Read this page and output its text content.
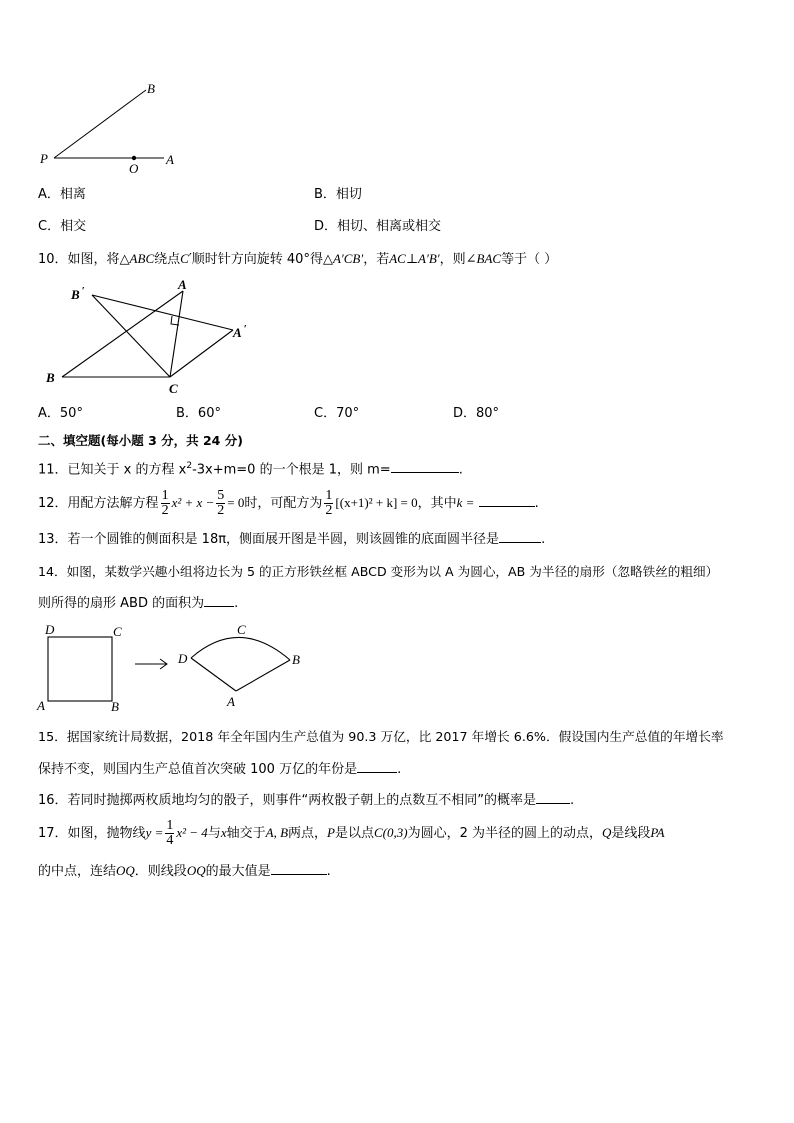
B
P
O
A
A．相离	B．相切
C．相交	D．相切、相离或相交
10．如图，将△ABC绕点C′顺时针方向旋转 40°得△A′CB′，若AC⊥A′B′，则∠BAC等于（ ）
B ′	A
A ′
B
C
A．50°	B．60°	C．70°	D．80°
二、填空题(每小题 3 分，共 24 分)
11．已知关于 x 的方程 $x^2-3x+m=0$ 的一个根是 1，则 m=	.
12．用配方法解方程 $\frac{1}{2} x^2 + x - \frac{5}{2} = 0$时，可配方为 $\frac{1}{2} [(x+1)^2 + k] = 0$，其中k =	.
13．若一个圆锥的侧面积是 18π，侧面展开图是半圆，则该圆锥的底面圆半径是	.
14．如图，某数学兴趣小组将边长为 5 的正方形铁丝框 ABCD 变形为以 A 为圆心，AB 为半径的扇形（忽略铁丝的粗细）
则所得的扇形 ABD 的面积为 .
D	C
A	B
D
C
A
B
15．据国家统计局数据，2018 年全年国内生产总值为 90.3 万亿，比 2017 年增长 6.6%．假设国内生产总值的年增长率
保持不变，则国内生产总值首次突破 100 万亿的年份是	.
16．若同时抛掷两枚质地均匀的骰子，则事件“两枚骰子朝上的点数互不相同”的概率是	.
17．如图，抛物线$y = \frac{1}{4} x^2 - 4$与x轴交于A, B两点，P是以点C(0,3)为圆心，2 为半径的圆上的动点，Q是线段PA
的中点，连结OQ．则线段OQ的最大值是	.
